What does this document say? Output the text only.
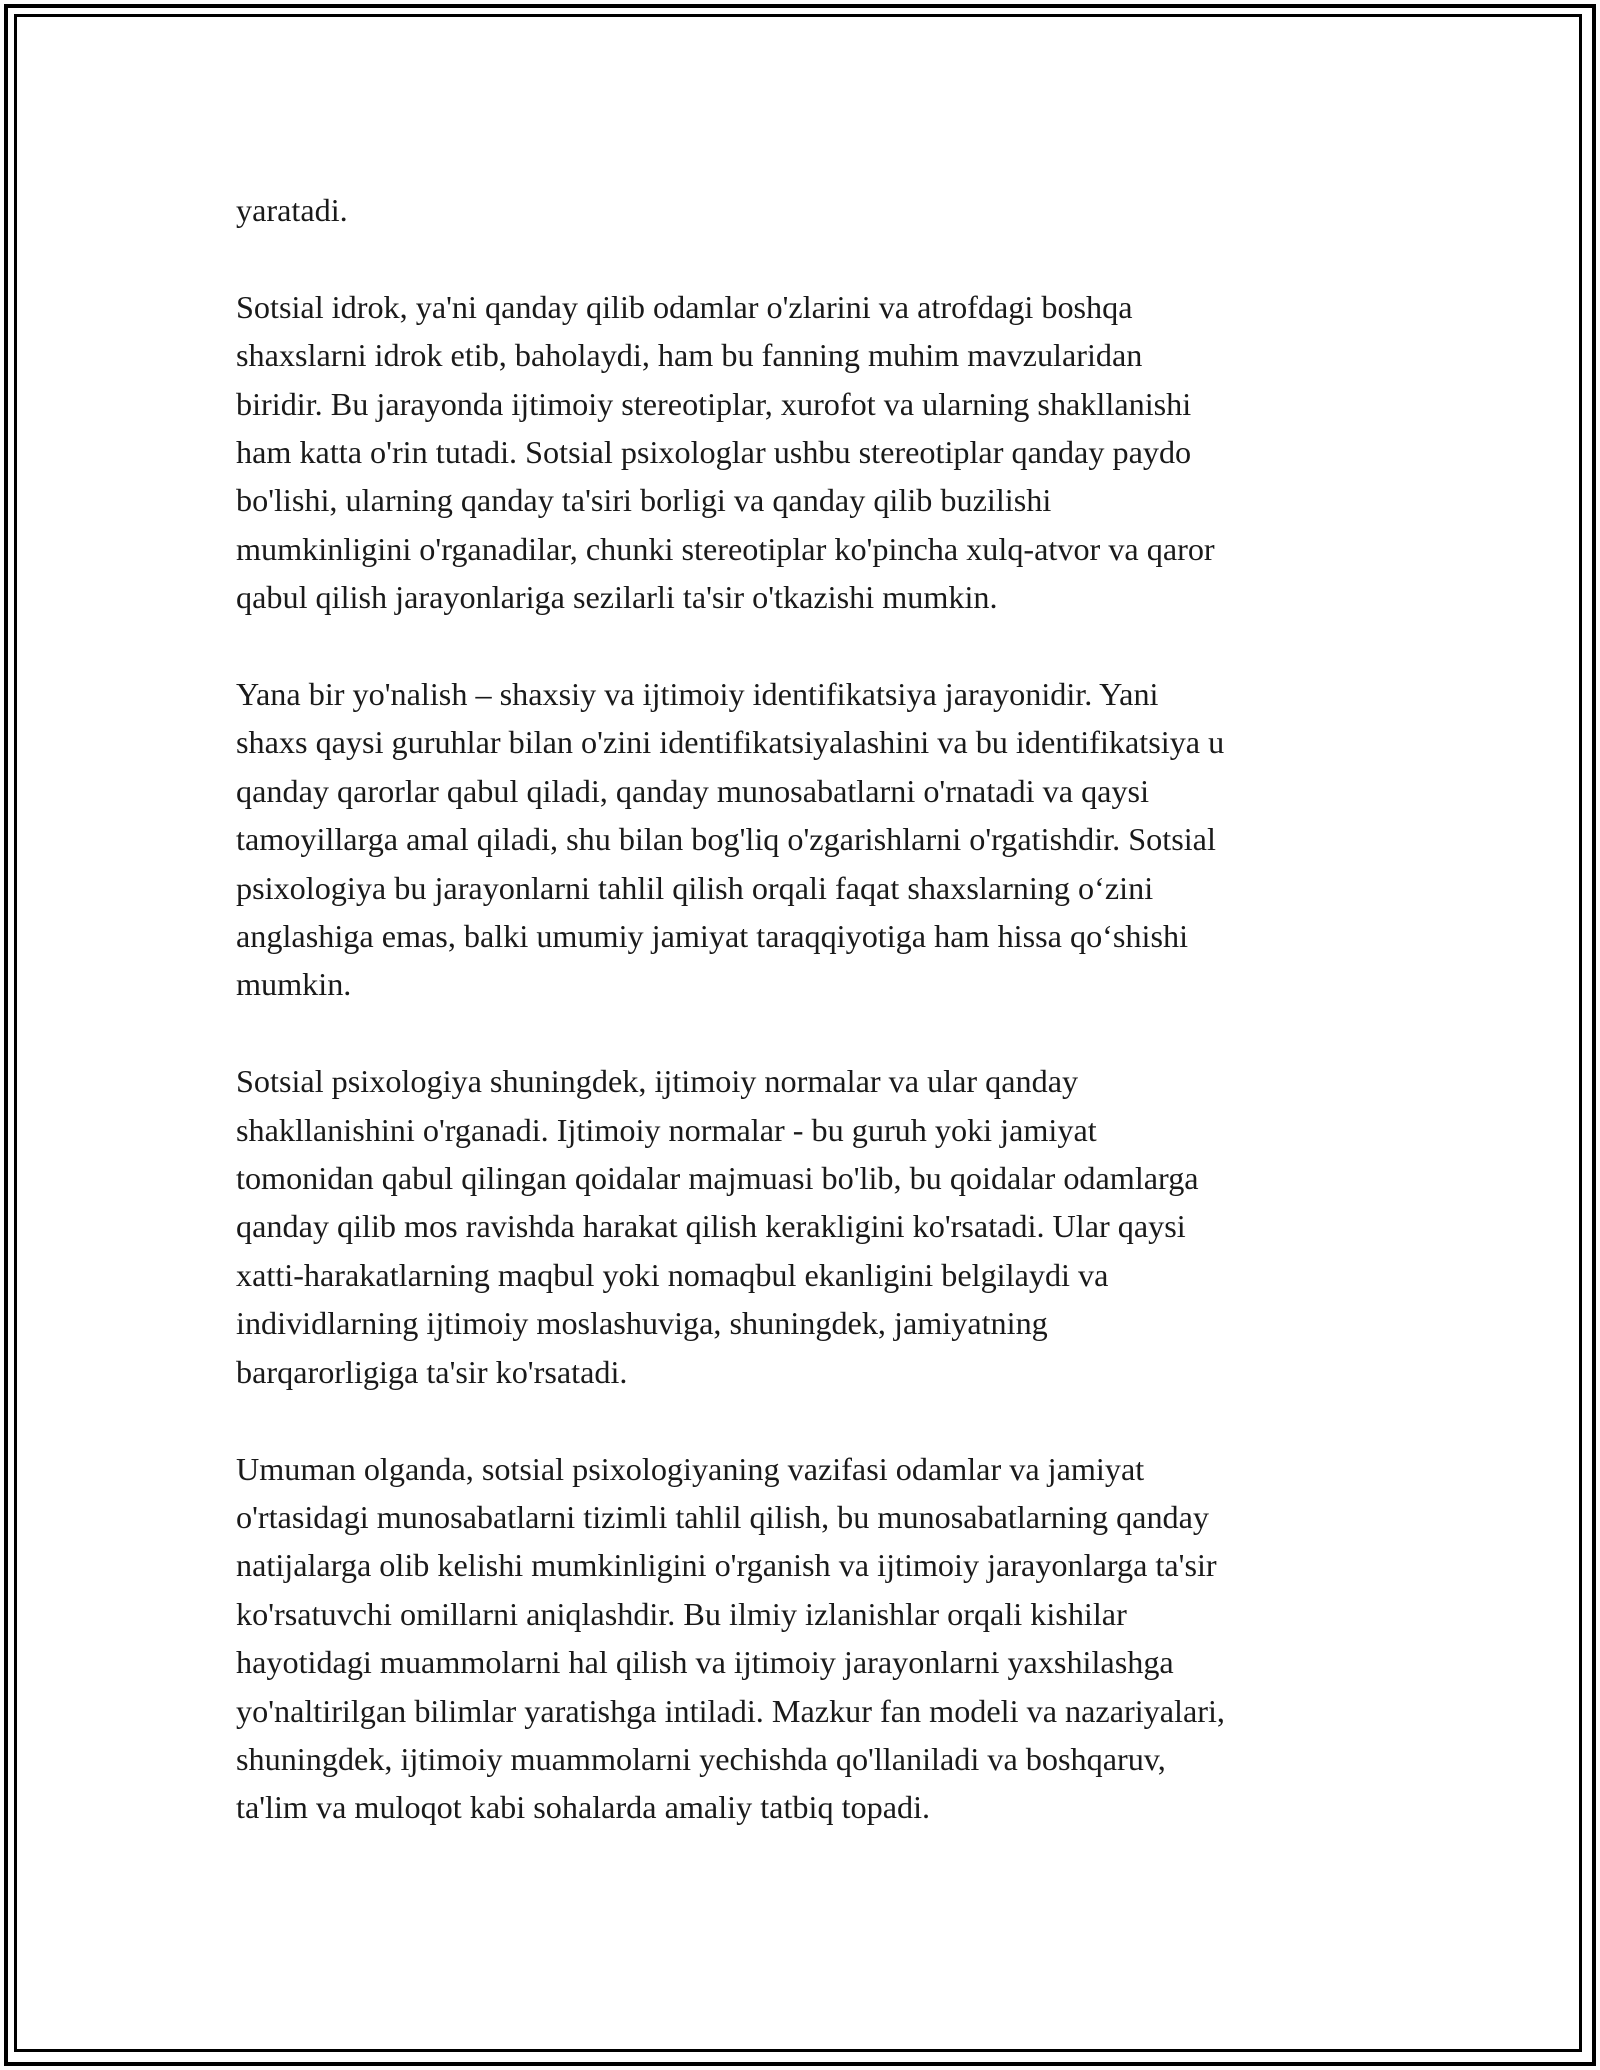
yaratadi.

Sotsial idrok, ya'ni qanday qilib odamlar o'zlarini va atrofdagi boshqa
shaxslarni idrok etib, baholaydi, ham bu fanning muhim mavzularidan
biridir. Bu jarayonda ijtimoiy stereotiplar, xurofot va ularning shakllanishi
ham katta o'rin tutadi. Sotsial psixologlar ushbu stereotiplar qanday paydo
bo'lishi, ularning qanday ta'siri borligi va qanday qilib buzilishi
mumkinligini o'rganadilar, chunki stereotiplar ko'pincha xulq-atvor va qaror
qabul qilish jarayonlariga sezilarli ta'sir o'tkazishi mumkin.

Yana bir yo'nalish – shaxsiy va ijtimoiy identifikatsiya jarayonidir. Yani
shaxs qaysi guruhlar bilan o'zini identifikatsiyalashini va bu identifikatsiya u
qanday qarorlar qabul qiladi, qanday munosabatlarni o'rnatadi va qaysi
tamoyillarga amal qiladi, shu bilan bog'liq o'zgarishlarni o'rgatishdir. Sotsial
psixologiya bu jarayonlarni tahlil qilish orqali faqat shaxslarning o‘zini
anglashiga emas, balki umumiy jamiyat taraqqiyotiga ham hissa qo‘shishi
mumkin.

Sotsial psixologiya shuningdek, ijtimoiy normalar va ular qanday
shakllanishini o'rganadi. Ijtimoiy normalar - bu guruh yoki jamiyat
tomonidan qabul qilingan qoidalar majmuasi bo'lib, bu qoidalar odamlarga
qanday qilib mos ravishda harakat qilish kerakligini ko'rsatadi. Ular qaysi
xatti-harakatlarning maqbul yoki nomaqbul ekanligini belgilaydi va
individlarning ijtimoiy moslashuviga, shuningdek, jamiyatning
barqarorligiga ta'sir ko'rsatadi.

Umuman olganda, sotsial psixologiyaning vazifasi odamlar va jamiyat
o'rtasidagi munosabatlarni tizimli tahlil qilish, bu munosabatlarning qanday
natijalarga olib kelishi mumkinligini o'rganish va ijtimoiy jarayonlarga ta'sir
ko'rsatuvchi omillarni aniqlashdir. Bu ilmiy izlanishlar orqali kishilar
hayotidagi muammolarni hal qilish va ijtimoiy jarayonlarni yaxshilashga
yo'naltirilgan bilimlar yaratishga intiladi. Mazkur fan modeli va nazariyalari,
shuningdek, ijtimoiy muammolarni yechishda qo'llaniladi va boshqaruv,
ta'lim va muloqot kabi sohalarda amaliy tatbiq topadi.
